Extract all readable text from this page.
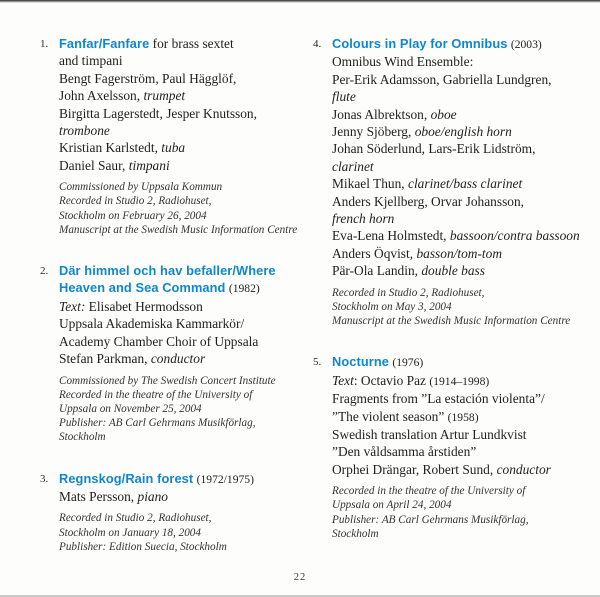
1. Fanfar/Fanfare for brass sextet
and timpani
Bengt Fagerström, Paul Hägglöf,
John Axelsson, trumpet
Birgitta Lagerstedt, Jesper Knutsson,
trombone
Kristian Karlstedt, tuba
Daniel Saur, timpani
Commissioned by Uppsala Kommun
Recorded in Studio 2, Radiohuset,
Stockholm on February 26, 2004
Manuscript at the Swedish Music Information Centre
2. Där himmel och hav befaller/Where
Heaven and Sea Command (1982)
Text: Elisabet Hermodsson
Uppsala Akademiska Kammarkör/
Academy Chamber Choir of Uppsala
Stefan Parkman, conductor
Commissioned by The Swedish Concert Institute
Recorded in the theatre of the University of
Uppsala on November 25, 2004
Publisher: AB Carl Gehrmans Musikförlag,
Stockholm
3. Regnskog/Rain forest (1972/1975)
Mats Persson, piano
Recorded in Studio 2, Radiohuset,
Stockholm on January 18, 2004
Publisher: Edition Suecia, Stockholm
4. Colours in Play for Omnibus (2003)
Omnibus Wind Ensemble:
Per-Erik Adamsson, Gabriella Lundgren,
flute
Jonas Albrektson, oboe
Jenny Sjöberg, oboe/english horn
Johan Söderlund, Lars-Erik Lidström,
clarinet
Mikael Thun, clarinet/bass clarinet
Anders Kjellberg, Orvar Johansson,
french horn
Eva-Lena Holmstedt, bassoon/contra bassoon
Anders Öqvist, basson/tom-tom
Pär-Ola Landin, double bass
Recorded in Studio 2, Radiohuset,
Stockholm on May 3, 2004
Manuscript at the Swedish Music Information Centre
5. Nocturne (1976)
Text: Octavio Paz (1914–1998)
Fragments from ”La estación violenta”/
”The violent season” (1958)
Swedish translation Artur Lundkvist
”Den våldsamma årstiden”
Orphei Drängar, Robert Sund, conductor
Recorded in the theatre of the University of
Uppsala on April 24, 2004
Publisher: AB Carl Gehrmans Musikförlag,
Stockholm
22
